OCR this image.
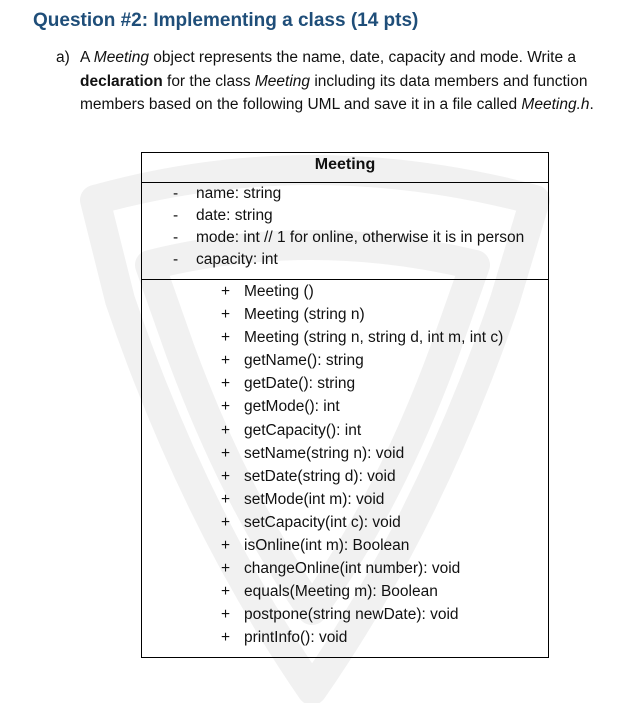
Question #2: Implementing a class (14 pts)
a) A Meeting object represents the name, date, capacity and mode. Write a
declaration for the class Meeting including its data members and function
members based on the following UML and save it in a file called Meeting.h.
Meeting
- name: string
- date: string
- mode: int // 1 for online, otherwise it is in person
- capacity: int
+ Meeting ()
+ Meeting (string n)
+ Meeting (string n, string d, int m, int c)
+ getName(): string
+ getDate(): string
+ getMode(): int
+ getCapacity(): int
+ setName(string n): void
+ setDate(string d): void
+ setMode(int m): void
+ setCapacity(int c): void
+ isOnline(int m): Boolean
+ changeOnline(int number): void
+ equals(Meeting m): Boolean
+ postpone(string newDate): void
+ printInfo(): void
